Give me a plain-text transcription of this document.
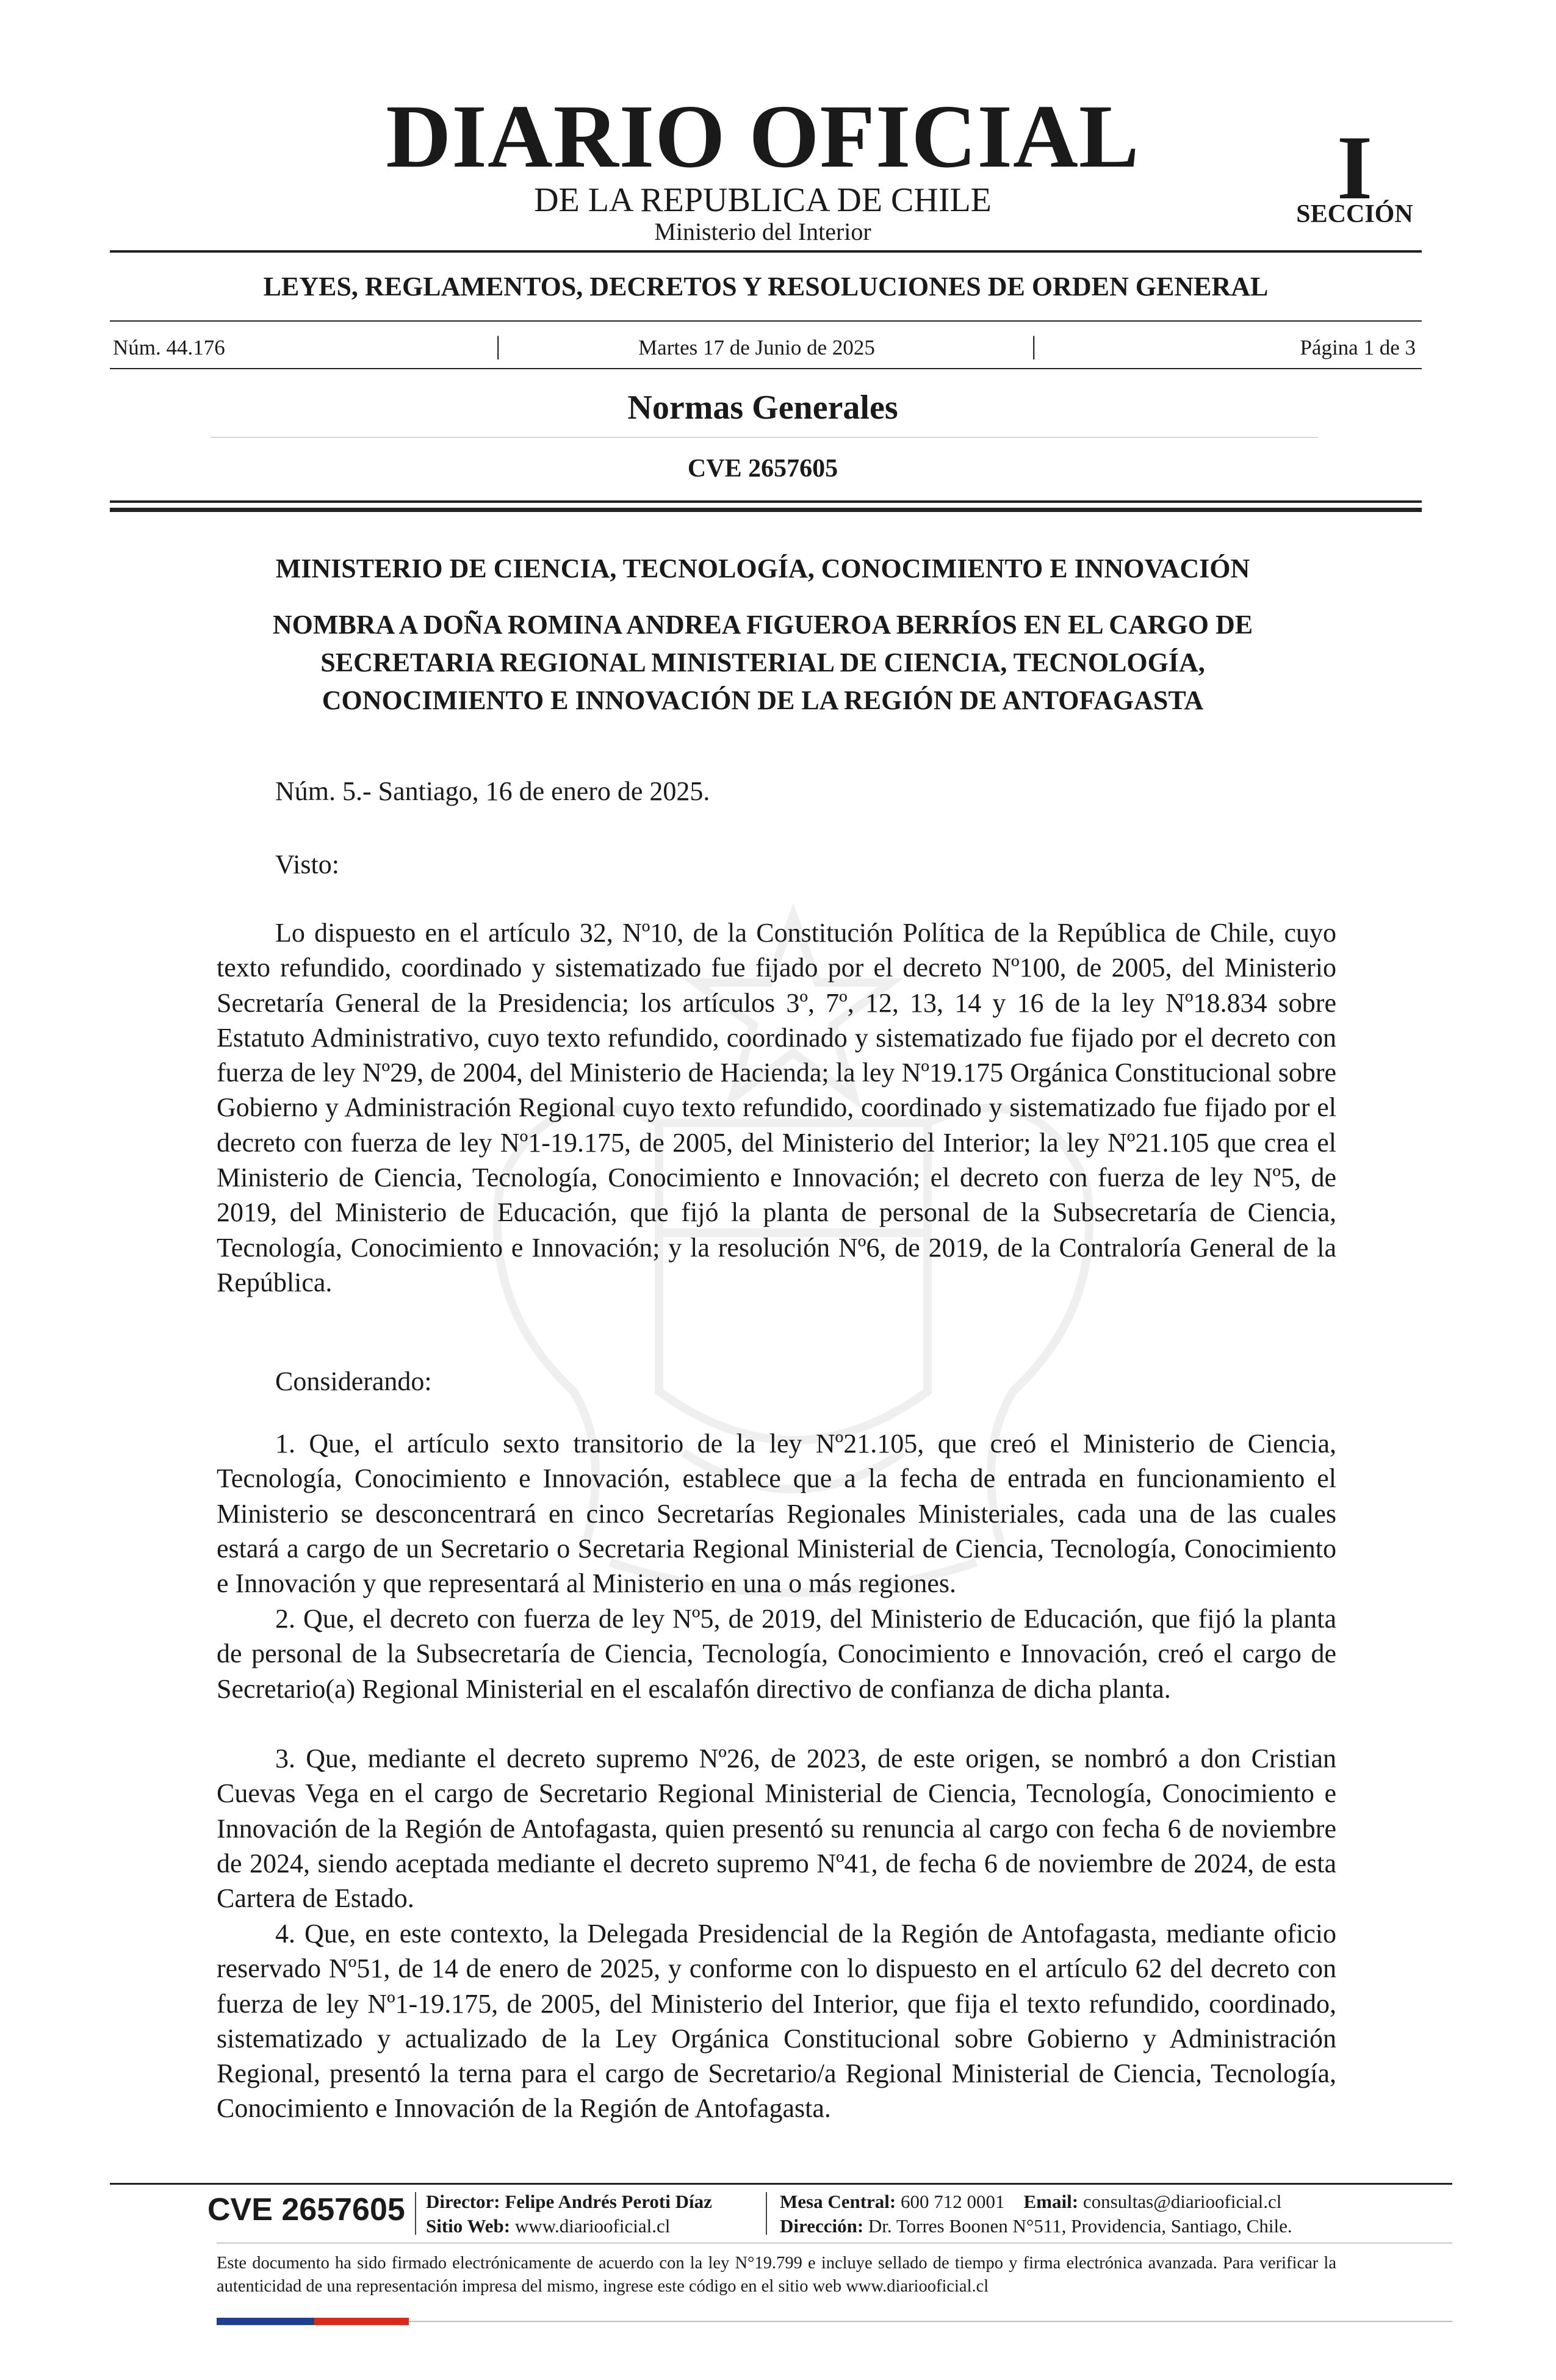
DIARIO OFICIAL
DE LA REPUBLICA DE CHILE
Ministerio del Interior
I
SECCIÓN
LEYES, REGLAMENTOS, DECRETOS Y RESOLUCIONES DE ORDEN GENERAL
Núm. 44.176	|	Martes 17 de Junio de 2025	|	Página 1 de 3
Normas Generales
CVE 2657605
MINISTERIO DE CIENCIA, TECNOLOGÍA, CONOCIMIENTO E INNOVACIÓN
NOMBRA A DOÑA ROMINA ANDREA FIGUEROA BERRÍOS EN EL CARGO DE
SECRETARIA REGIONAL MINISTERIAL DE CIENCIA, TECNOLOGÍA,
CONOCIMIENTO E INNOVACIÓN DE LA REGIÓN DE ANTOFAGASTA

Núm. 5.- Santiago, 16 de enero de 2025.

Visto:

Lo dispuesto en el artículo 32, Nº10, de la Constitución Política de la República de Chile, cuyo texto refundido, coordinado y sistematizado fue fijado por el decreto Nº100, de 2005, del Ministerio Secretaría General de la Presidencia; los artículos 3º, 7º, 12, 13, 14 y 16 de la ley Nº18.834 sobre Estatuto Administrativo, cuyo texto refundido, coordinado y sistematizado fue fijado por el decreto con fuerza de ley Nº29, de 2004, del Ministerio de Hacienda; la ley Nº19.175 Orgánica Constitucional sobre Gobierno y Administración Regional cuyo texto refundido, coordinado y sistematizado fue fijado por el decreto con fuerza de ley Nº1-19.175, de 2005, del Ministerio del Interior; la ley Nº21.105 que crea el Ministerio de Ciencia, Tecnología, Conocimiento e Innovación; el decreto con fuerza de ley Nº5, de 2019, del Ministerio de Educación, que fijó la planta de personal de la Subsecretaría de Ciencia, Tecnología, Conocimiento e Innovación; y la resolución Nº6, de 2019, de la Contraloría General de la República.

Considerando:

1. Que, el artículo sexto transitorio de la ley Nº21.105, que creó el Ministerio de Ciencia, Tecnología, Conocimiento e Innovación, establece que a la fecha de entrada en funcionamiento el Ministerio se desconcentrará en cinco Secretarías Regionales Ministeriales, cada una de las cuales estará a cargo de un Secretario o Secretaria Regional Ministerial de Ciencia, Tecnología, Conocimiento e Innovación y que representará al Ministerio en una o más regiones.

2. Que, el decreto con fuerza de ley Nº5, de 2019, del Ministerio de Educación, que fijó la planta de personal de la Subsecretaría de Ciencia, Tecnología, Conocimiento e Innovación, creó el cargo de Secretario(a) Regional Ministerial en el escalafón directivo de confianza de dicha planta.

3. Que, mediante el decreto supremo Nº26, de 2023, de este origen, se nombró a don Cristian Cuevas Vega en el cargo de Secretario Regional Ministerial de Ciencia, Tecnología, Conocimiento e Innovación de la Región de Antofagasta, quien presentó su renuncia al cargo con fecha 6 de noviembre de 2024, siendo aceptada mediante el decreto supremo Nº41, de fecha 6 de noviembre de 2024, de esta Cartera de Estado.

4. Que, en este contexto, la Delegada Presidencial de la Región de Antofagasta, mediante oficio reservado Nº51, de 14 de enero de 2025, y conforme con lo dispuesto en el artículo 62 del decreto con fuerza de ley Nº1-19.175, de 2005, del Ministerio del Interior, que fija el texto refundido, coordinado, sistematizado y actualizado de la Ley Orgánica Constitucional sobre Gobierno y Administración Regional, presentó la terna para el cargo de Secretario/a Regional Ministerial de Ciencia, Tecnología, Conocimiento e Innovación de la Región de Antofagasta.

CVE 2657605 Director: Felipe Andrés Peroti Díaz
Sitio Web: www.diariooficial.cl
Mesa Central: 600 712 0001 Email: consultas@diariooficial.cl
Dirección: Dr. Torres Boonen N°511, Providencia, Santiago, Chile.

Este documento ha sido firmado electrónicamente de acuerdo con la ley N°19.799 e incluye sellado de tiempo y firma electrónica avanzada. Para verificar la autenticidad de una representación impresa del mismo, ingrese este código en el sitio web www.diariooficial.cl
